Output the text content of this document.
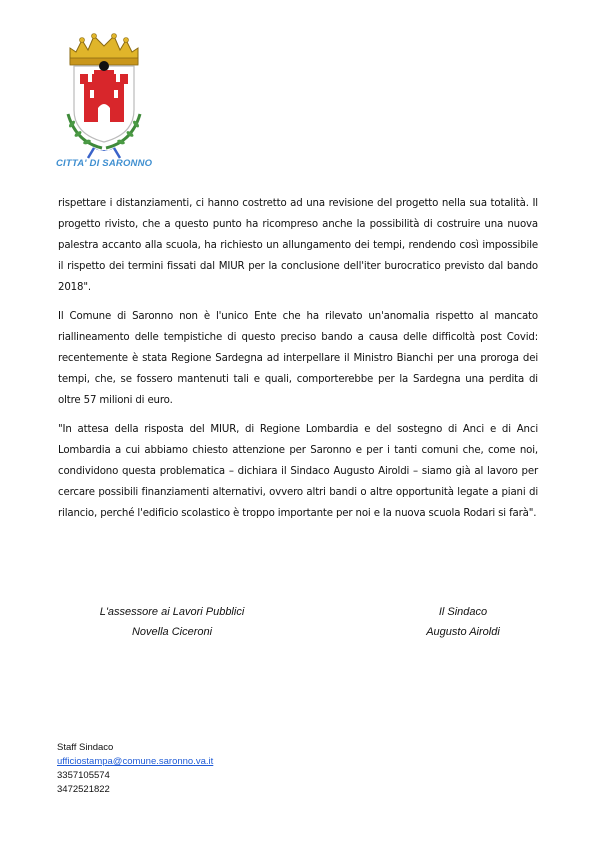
CITTA' DI SARONNO

rispettare i distanziamenti, ci hanno costretto ad una revisione del progetto nella sua totalità. Il progetto rivisto, che a questo punto ha ricompreso anche la possibilità di costruire una nuova palestra accanto alla scuola, ha richiesto un allungamento dei tempi, rendendo così impossibile il rispetto dei termini fissati dal MIUR per la conclusione dell'iter burocratico previsto dal bando 2018".

Il Comune di Saronno non è l'unico Ente che ha rilevato un'anomalia rispetto al mancato riallineamento delle tempistiche di questo preciso bando a causa delle difficoltà post Covid: recentemente è stata Regione Sardegna ad interpellare il Ministro Bianchi per una proroga dei tempi, che, se fossero mantenuti tali e quali, comporterebbe per la Sardegna una perdita di oltre 57 milioni di euro.

"In attesa della risposta del MIUR, di Regione Lombardia e del sostegno di Anci e di Anci Lombardia a cui abbiamo chiesto attenzione per Saronno e per i tanti comuni che, come noi, condividono questa problematica – dichiara il Sindaco Augusto Airoldi – siamo già al lavoro per cercare possibili finanziamenti alternativi, ovvero altri bandi o altre opportunità legate a piani di rilancio, perché l'edificio scolastico è troppo importante per noi e la nuova scuola Rodari si farà".

L'assessore ai Lavori Pubblici
Novella Ciceroni
Il Sindaco
Augusto Airoldi
Staff Sindaco
ufficiostampa@comune.saronno.va.it
3357105574
3472521822
